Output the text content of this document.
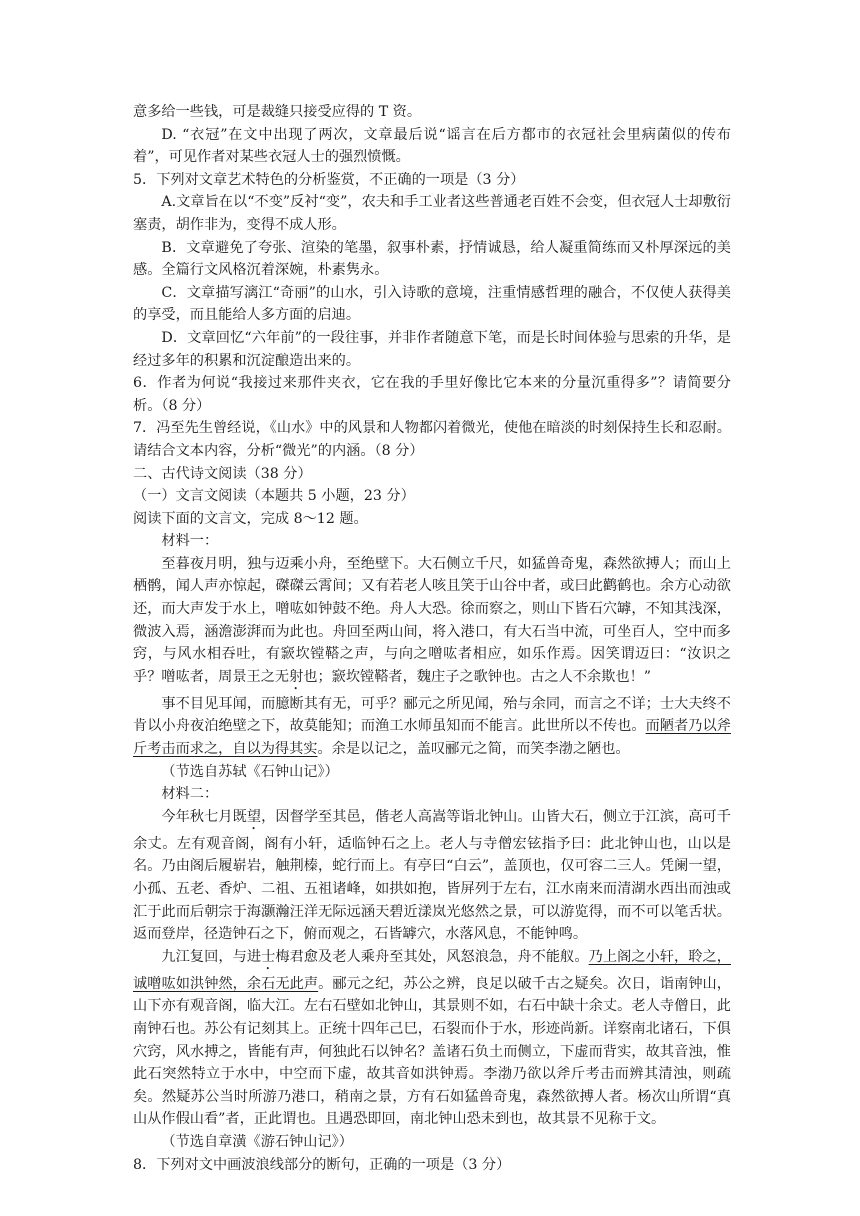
意多给一些钱，可是裁缝只接受应得的 T 资。

D. “衣冠”在文中出现了两次，文章最后说“谣言在后方都市的衣冠社会里病菌似的传布着”，可见作者对某些衣冠人士的强烈愤慨。

5．下列对文章艺术特色的分析鉴赏，不正确的一项是（3 分）

A.文章旨在以“不变”反衬“变”，农夫和手工业者这些普通老百姓不会变，但衣冠人士却敷衍塞责，胡作非为，变得不成人形。

B．文章避免了夸张、渲染的笔墨，叙事朴素，抒情诚恳，给人凝重简练而又朴厚深远的美感。全篇行文风格沉着深婉，朴素隽永。

C．文章描写漓江“奇丽”的山水，引入诗歌的意境，注重情感哲理的融合，不仅使人获得美的享受，而且能给人多方面的启迪。

D．文章回忆“六年前”的一段往事，并非作者随意下笔，而是长时间体验与思索的升华，是经过多年的积累和沉淀酿造出来的。

6．作者为何说“我接过来那件夹衣，它在我的手里好像比它本来的分量沉重得多”？请简要分析。（8 分）

7．冯至先生曾经说，《山水》中的风景和人物都闪着微光，使他在暗淡的时刻保持生长和忍耐。请结合文本内容，分析“微光”的内涵。（8 分）

二、古代诗文阅读（38 分）

（一）文言文阅读（本题共 5 小题，23 分）

阅读下面的文言文，完成 8～12 题。

材料一：

至暮夜月明，独与迈乘小舟，至绝壁下。大石侧立千尺，如猛兽奇鬼，森然欲搏人；而山上栖鹘，闻人声亦惊起，磔磔云霄间；又有若老人咳且笑于山谷中者，或曰此鹳鹤也。余方心动欲还，而大声发于水上，噌吰如钟鼓不绝。舟人大恐。徐而察之，则山下皆石穴罅，不知其浅深，微波入焉，涵澹澎湃而为此也。舟回至两山间，将入港口，有大石当中流，可坐百人，空中而多窍，与风水相吞吐，有窾坎镗鞳之声，与向之噌吰者相应，如乐作焉。因笑谓迈曰：“汝识之乎？噌吰者，周景王之无射也；窾坎镗鞳者，魏庄子之歌钟也。古之人不余欺也！”

事不目见耳闻，而臆断其有无，可乎？郦元之所见闻，殆与余同，而言之不详；士大夫终不肯以小舟夜泊绝壁之下，故莫能知；而渔工水师虽知而不能言。此世所以不传也。而陋者乃以斧斤考击而求之，自以为得其实。余是以记之，盖叹郦元之简，而笑李渤之陋也。

（节选自苏轼《石钟山记》）

材料二：

今年秋七月既望，因督学至其邑，偕老人高嵩等诣北钟山。山皆大石，侧立于江滨，高可千余丈。左有观音阁，阁有小轩，适临钟石之上。老人与寺僧宏铉指予曰：此北钟山也，山以是名。乃由阁后履崭岩，触荆榛，蛇行而上。有亭曰“白云”，盖顶也，仅可容二三人。凭阑一望，小孤、五老、香炉、二祖、五祖诸峰，如拱如抱，皆屏列于左右，江水南来而清湖水西出而浊或汇于此而后朝宗于海灏瀚汪洋无际远涵天碧近漾岚光悠然之景，可以游览得，而不可以笔舌状。返而登岸，径造钟石之下，俯而观之，石皆罅穴，水落风息，不能钟鸣。

九江复回，与进士梅君愈及老人乘舟至其处，风怒浪急，舟不能舣。乃上阁之小轩，聆之，诚噌吰如洪钟然，余石无此声。郦元之纪，苏公之辨，良足以破千古之疑矣。次日，诣南钟山，山下亦有观音阁，临大江。左右石壁如北钟山，其景则不如，右石中缺十余丈。老人寺僧日，此南钟石也。苏公有记刻其上。正统十四年己巳，石裂而仆于水，形迹尚新。详察南北诸石，下俱穴窍，风水搏之，皆能有声，何独此石以钟名？盖诸石负土而侧立，下虚而背实，故其音浊，惟此石突然特立于水中，中空而下虚，故其音如洪钟焉。李渤乃欲以斧斤考击而辨其清浊，则疏矣。然疑苏公当时所游乃港口，稍南之景，方有石如猛兽奇鬼，森然欲搏人者。杨次山所谓“真山从作假山看”者，正此谓也。且遇恐即回，南北钟山恐未到也，故其景不见称于文。

（节选自章潢《游石钟山记》）

8．下列对文中画波浪线部分的断句，正确的一项是（3 分）
